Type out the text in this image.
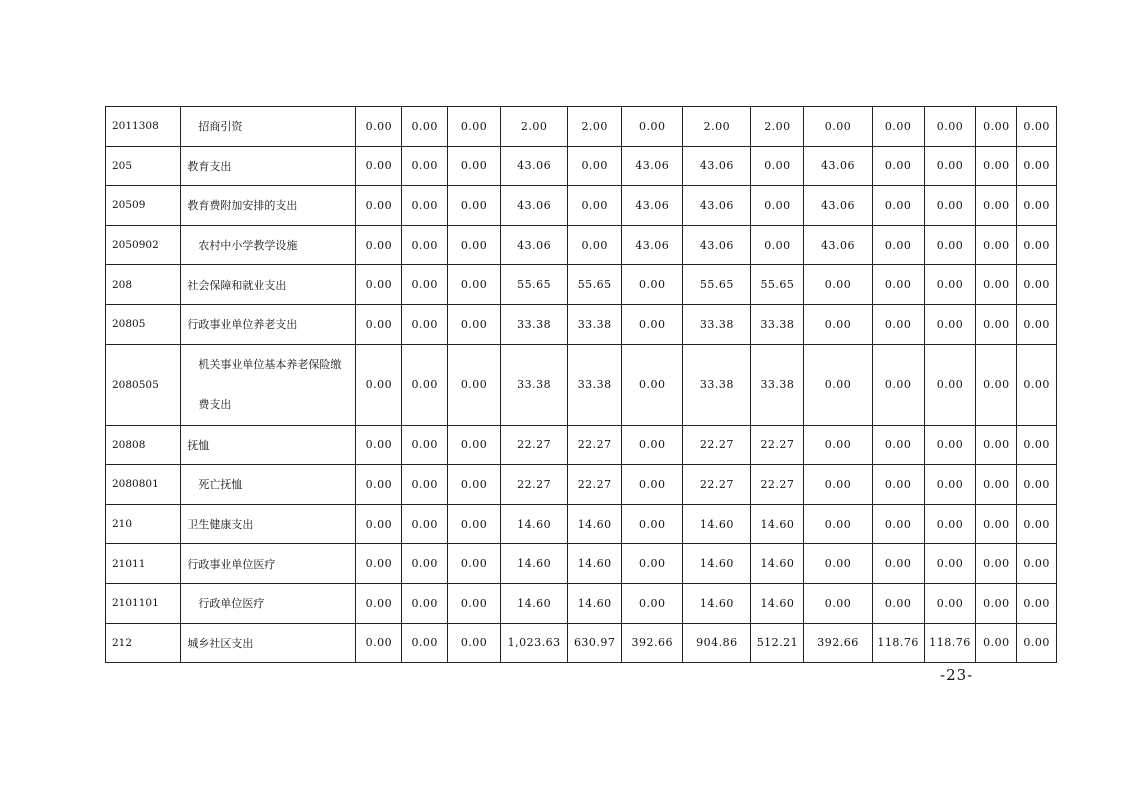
2011308	招商引资	0.00	0.00	0.00	2.00	2.00	0.00	2.00	2.00	0.00	0.00	0.00	0.00	0.00
205	教育支出	0.00	0.00	0.00	43.06	0.00	43.06	43.06	0.00	43.06	0.00	0.00	0.00	0.00
20509	教育费附加安排的支出	0.00	0.00	0.00	43.06	0.00	43.06	43.06	0.00	43.06	0.00	0.00	0.00	0.00
2050902	农村中小学教学设施	0.00	0.00	0.00	43.06	0.00	43.06	43.06	0.00	43.06	0.00	0.00	0.00	0.00
208	社会保障和就业支出	0.00	0.00	0.00	55.65	55.65	0.00	55.65	55.65	0.00	0.00	0.00	0.00	0.00
20805	行政事业单位养老支出	0.00	0.00	0.00	33.38	33.38	0.00	33.38	33.38	0.00	0.00	0.00	0.00	0.00
2080505	机关事业单位基本养老保险缴费支出	0.00	0.00	0.00	33.38	33.38	0.00	33.38	33.38	0.00	0.00	0.00	0.00	0.00
20808	抚恤	0.00	0.00	0.00	22.27	22.27	0.00	22.27	22.27	0.00	0.00	0.00	0.00	0.00
2080801	死亡抚恤	0.00	0.00	0.00	22.27	22.27	0.00	22.27	22.27	0.00	0.00	0.00	0.00	0.00
210	卫生健康支出	0.00	0.00	0.00	14.60	14.60	0.00	14.60	14.60	0.00	0.00	0.00	0.00	0.00
21011	行政事业单位医疗	0.00	0.00	0.00	14.60	14.60	0.00	14.60	14.60	0.00	0.00	0.00	0.00	0.00
2101101	行政单位医疗	0.00	0.00	0.00	14.60	14.60	0.00	14.60	14.60	0.00	0.00	0.00	0.00	0.00
212	城乡社区支出	0.00	0.00	0.00	1,023.63	630.97	392.66	904.86	512.21	392.66	118.76	118.76	0.00	0.00
-23-
